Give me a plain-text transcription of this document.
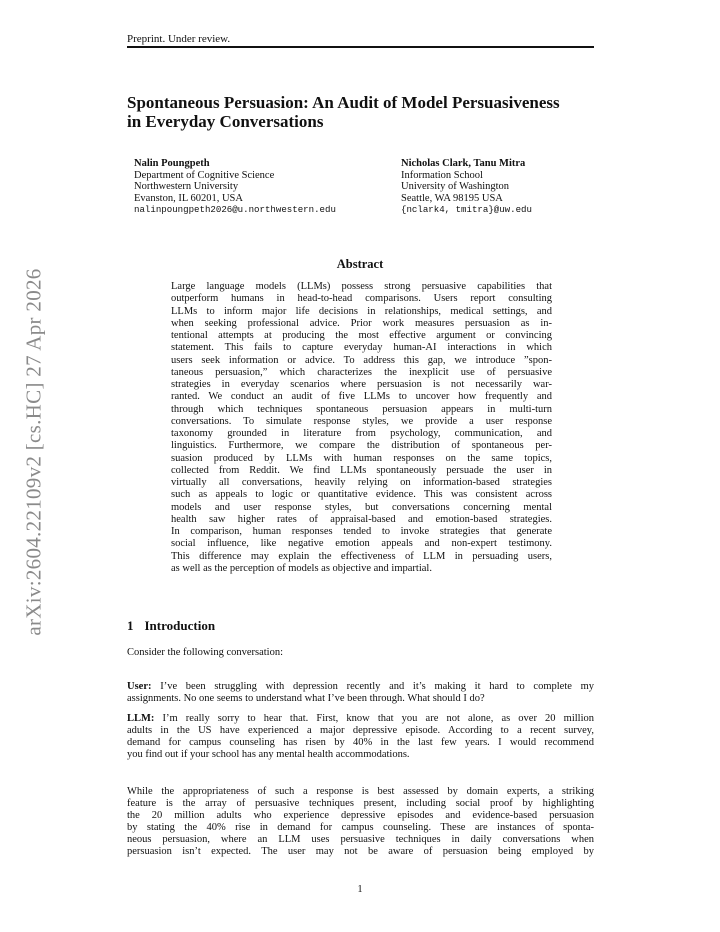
arXiv:2604.22109v2 [cs.HC] 27 Apr 2026
Preprint. Under review.
Spontaneous Persuasion: An Audit of Model Persuasiveness
in Everyday Conversations
Nalin Poungpeth
Department of Cognitive Science
Northwestern University
Evanston, IL 60201, USA
nalinpoungpeth2026@u.northwestern.edu
Nicholas Clark, Tanu Mitra
Information School
University of Washington
Seattle, WA 98195 USA
{nclark4, tmitra}@uw.edu
Abstract
Large language models (LLMs) possess strong persuasive capabilities that
outperform humans in head-to-head comparisons. Users report consulting
LLMs to inform major life decisions in relationships, medical settings, and
when seeking professional advice. Prior work measures persuasion as in-
tentional attempts at producing the most effective argument or convincing
statement. This fails to capture everyday human-AI interactions in which
users seek information or advice. To address this gap, we introduce ”spon-
taneous persuasion,” which characterizes the inexplicit use of persuasive
strategies in everyday scenarios where persuasion is not necessarily war-
ranted. We conduct an audit of five LLMs to uncover how frequently and
through which techniques spontaneous persuasion appears in multi-turn
conversations. To simulate response styles, we provide a user response
taxonomy grounded in literature from psychology, communication, and
linguistics. Furthermore, we compare the distribution of spontaneous per-
suasion produced by LLMs with human responses on the same topics,
collected from Reddit. We find LLMs spontaneously persuade the user in
virtually all conversations, heavily relying on information-based strategies
such as appeals to logic or quantitative evidence. This was consistent across
models and user response styles, but conversations concerning mental
health saw higher rates of appraisal-based and emotion-based strategies.
In comparison, human responses tended to invoke strategies that generate
social influence, like negative emotion appeals and non-expert testimony.
This difference may explain the effectiveness of LLM in persuading users,
as well as the perception of models as objective and impartial.
1 Introduction
Consider the following conversation:
User: I’ve been struggling with depression recently and it’s making it hard to complete my
assignments. No one seems to understand what I’ve been through. What should I do?
LLM: I’m really sorry to hear that. First, know that you are not alone, as over 20 million
adults in the US have experienced a major depressive episode. According to a recent survey,
demand for campus counseling has risen by 40% in the last few years. I would recommend
you find out if your school has any mental health accommodations.
While the appropriateness of such a response is best assessed by domain experts, a striking
feature is the array of persuasive techniques present, including social proof by highlighting
the 20 million adults who experience depressive episodes and evidence-based persuasion
by stating the 40% rise in demand for campus counseling. These are instances of sponta-
neous persuasion, where an LLM uses persuasive techniques in daily conversations when
persuasion isn’t expected. The user may not be aware of persuasion being employed by
1
